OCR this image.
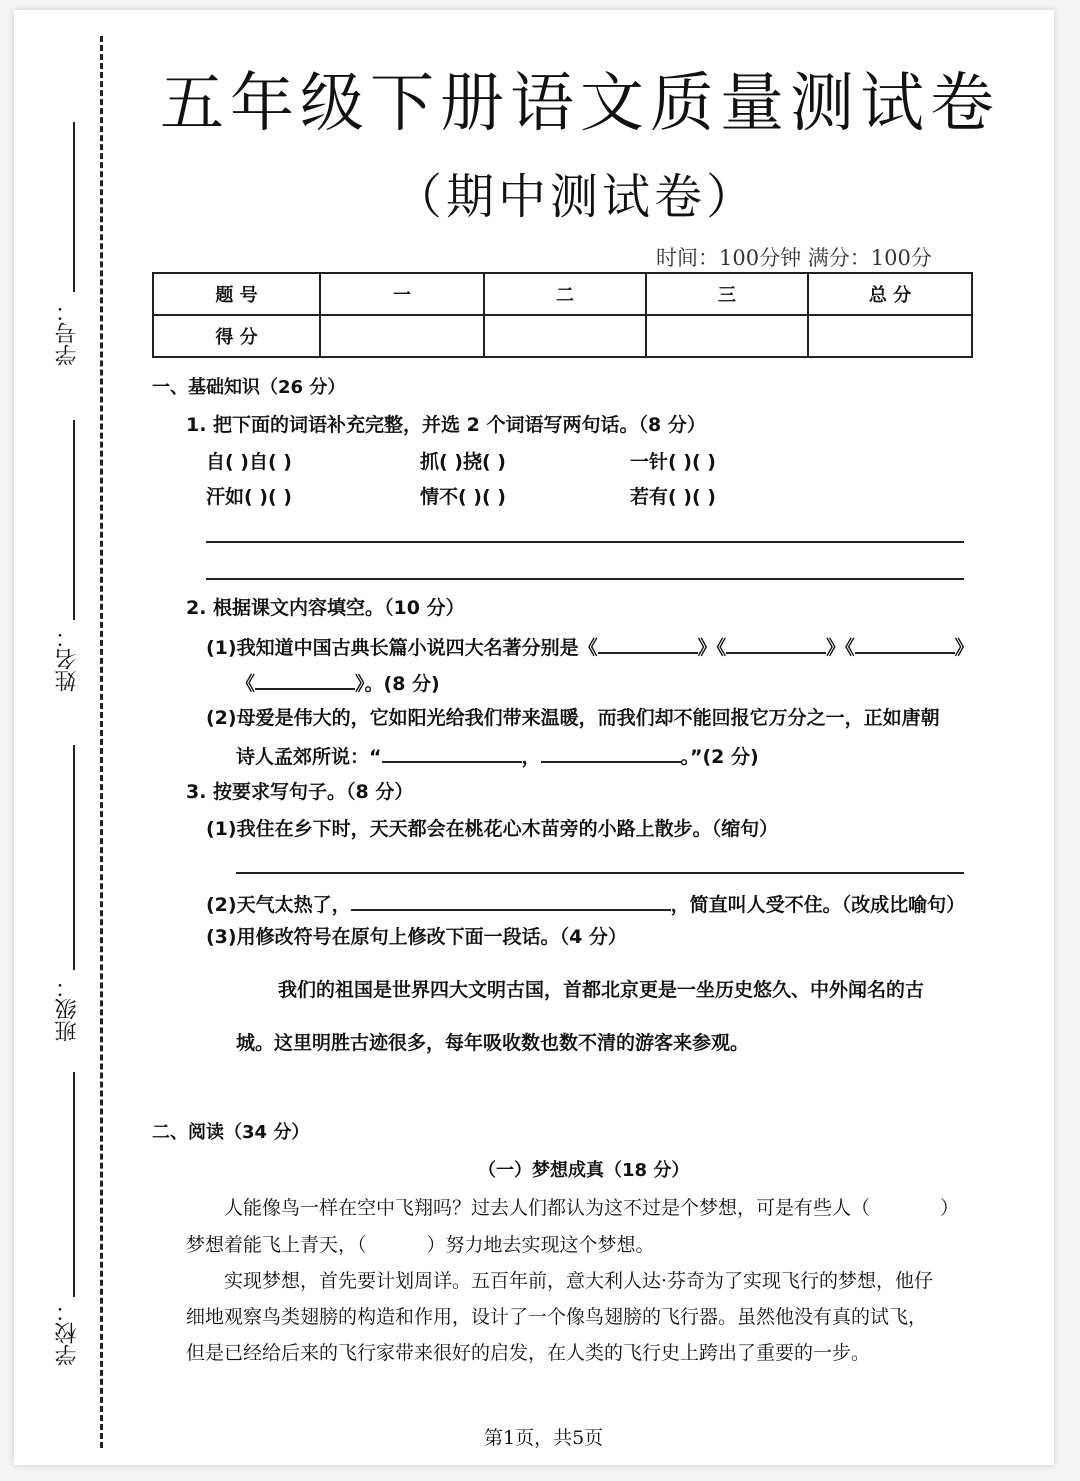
学号：
姓名：
班级：
学校：
五年级下册语文质量测试卷
（期中测试卷）
时间：100分钟 满分：100分
题 号	一	二	三	总 分
得 分				
一、基础知识（26 分）
1. 把下面的词语补充完整，并选 2 个词语写两句话。（8 分）
自( )自( )	抓( )挠( )	一针( )( )
汗如( )( )	情不( )( )	若有( )( )
2. 根据课文内容填空。（10 分）
(1)我知道中国古典长篇小说四大名著分别是《	》《	》《	》
《	》。(8 分)
(2)母爱是伟大的，它如阳光给我们带来温暖，而我们却不能回报它万分之一，正如唐朝
诗人孟郊所说：“	，	。”(2 分)
3. 按要求写句子。（8 分）
(1)我住在乡下时，天天都会在桃花心木苗旁的小路上散步。（缩句）
(2)天气太热了，	，简直叫人受不住。（改成比喻句）
(3)用修改符号在原句上修改下面一段话。（4 分）
我们的祖国是世界四大文明古国，首都北京更是一坐历史悠久、中外闻名的古
城。这里明胜古迹很多，每年吸收数也数不清的游客来参观。
二、阅读（34 分）
（一）梦想成真（18 分）
人能像鸟一样在空中飞翔吗？过去人们都认为这不过是个梦想，可是有些人（	）
梦想着能飞上青天，（	）努力地去实现这个梦想。
实现梦想，首先要计划周详。五百年前，意大利人达·芬奇为了实现飞行的梦想，他仔
细地观察鸟类翅膀的构造和作用，设计了一个像鸟翅膀的飞行器。虽然他没有真的试飞，
但是已经给后来的飞行家带来很好的启发，在人类的飞行史上跨出了重要的一步。
第1页，共5页
